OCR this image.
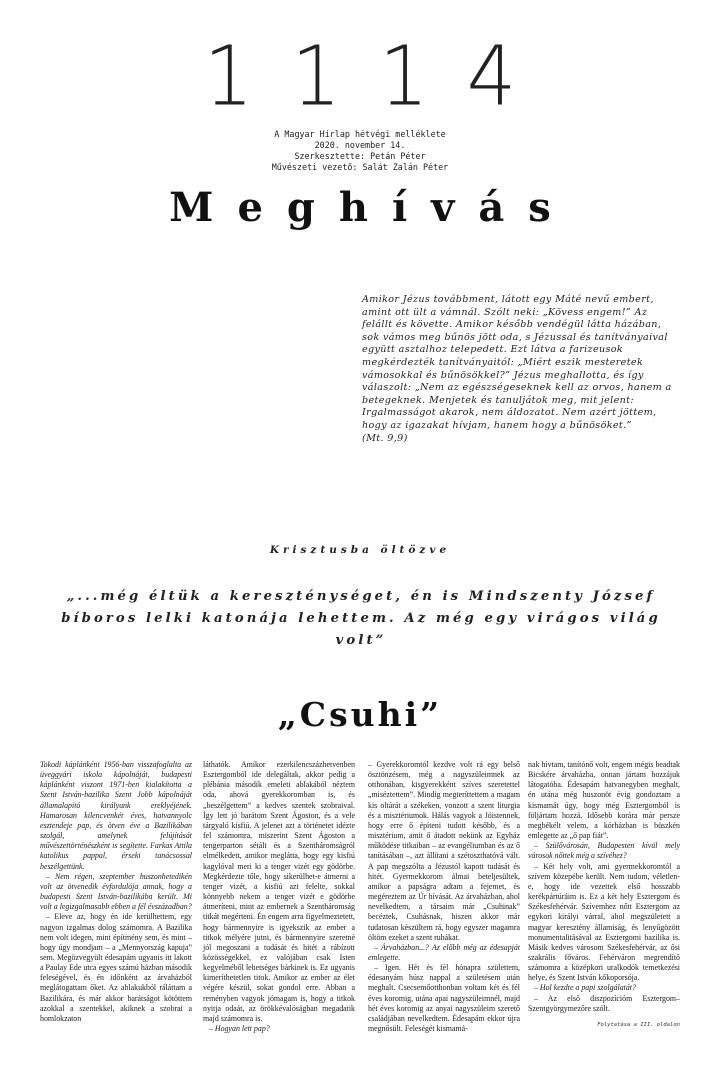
1114
A Magyar Hírlap hétvégi melléklete
2020. november 14.
Szerkesztette: Petán Péter
Művészeti vezető: Salát Zalán Péter
Meghívás

Amikor Jézus továbbment, látott egy Máté nevű embert, amint ott ült a vámnál. Szólt neki: „Kövess engem!” Az felállt és követte. Amikor később vendégül látta házában, sok vámos meg bűnös jött oda, s Jézussal és tanítványaival együtt asztalhoz telepedett. Ezt látva a farizeusok megkérdezték tanítványaitól: „Miért eszik mesteretek vámosokkal és bűnösökkel?” Jézus meghallotta, és így válaszolt: „Nem az egészségeseknek kell az orvos, hanem a betegeknek. Menjetek és tanuljátok meg, mit jelent: Irgalmasságot akarok, nem áldozatot. Nem azért jöttem, hogy az igazakat hívjam, hanem hogy a bűnösöket.”

(Mt. 9,9)

Krisztusba öltözve
„...még éltük a kereszténységet, én is Mindszenty József bíboros lelki katonája lehettem. Az még egy virágos világ volt”
„Csuhi”

Tokodi káplánként 1956-ban visszafoglalta az üveggyári iskola kápolnáját, budapesti káplánként viszont 1971-ben kialakította a Szent István-bazilika Szent Jobb kápolnáját államalapító királyunk ereklyéjének. Hamarosan kilencvenkét éves, hatvannyolc esztendeje pap, és ötven éve a Bazilikában szolgál, amelynek felújítását művészettörténészként is segítette. Farkas Attila katolikus pappal, érseki tanácsossal beszélgettünk.

– Nem régen, szeptember huszonhetedikén volt az ötvenedik évfordulója annak, hogy a budapesti Szent István-bazilikába került. Mi volt a legizgalmasabb ebben a fél évszázadban?

– Eleve az, hogy én ide kerülhettem, egy nagyon izgalmas dolog számomra. A Bazilika nem volt idegen, mint építmény sem, és mint – hogy úgy mondjam – a „Mennyország kapuja” sem. Megözvegyült édesapám ugyanis itt lakott a Paulay Ede utca egyes számú házban második feleségével, és én időnként az árvaházból meglátogattam őket. Az ablakukból ráláttam a Bazilikára, és már akkor barátságot kötöttem azokkal a szentekkel, akiknek a szobrai a homlokzaton

láthatók. Amikor ezerkilencszázhetvenben Esztergomból ide delegáltak, akkor pedig a plébánia második emeleti ablakából néztem oda, ahová gyerekkoromban is, és „beszélgettem” a kedves szentek szobraival. Így lett jó barátom Szent Ágoston, és a vele tárgyaló kisfiú. A jelenet azt a történetet idézte fel számomra, miszerint Szent Ágoston a tengerparton sétált és a Szentháromságról elmélkedett, amikor meglátta, hogy egy kisfiú kagylóval meri ki a tenger vizét egy gödörbe. Megkérdezte tőle, hogy sikerülhet-e átmerni a tenger vizét, a kisfiú azt felelte, sokkal könnyebb nekem a tenger vizét e gödörbe átmeríteni, mint az embernek a Szentháromság titkát megérteni. Én engem arra figyelmeztetett, hogy bármennyire is igyekszik az ember a titkok mélyére jutni, és bármennyire szeretné jól megoszani a tudását és hitét a rábízott közösségekkel, ez valójában csak Isten kegyelméből lehetséges bárkinek is. Ez ugyanis kimeríthetetlen titok. Amikor az ember az élet végére készül, sokat gondol erre. Abban a reményben vagyok jómagam is, hogy a titkok nyitja odaát, az örökkévalóságban megadatik majd számomra is.

– Hogyan lett pap?

– Gyerekkoromtól kezdve volt rá egy belső ösztönzésem, még a nagyszüleimnek az otthonában, kisgyerekként szíves szeretettel „miséztettem”. Mindig megteríttettem a magam kis oltárát a székeken, vonzott a szent liturgia és a misztériumok. Hálás vagyok a Jóistennek, hogy erre ő építeni tudott később, és a misztérium, amit ő átadott nekünk az Egyház működése titkaiban – az evangéliumban és az ő tanításában –, azt állítani a szétoszthatóvá vált. A pap megszólta a Jézustól kapott tudását és hitét. Gyermekkorom álmai beteljesültek, amikor a papságra adtam a fejemet, és megéreztem az Úr hívását. Az árvaházban, ahol nevelkedtem, a társaim már „Csuhinak” becéztek, Csuhásnak, hiszen akkor már tudatosan készültem rá, hogy egyszer magamra öltöm ezeket a szent ruhákat.

– Árvaházban...? Az előbb még az édesapját emlegette.

– Igen. Hét és fél hónapra születtem, édesanyám húsz nappal a születésem után meghalt. Csecsemőotthonban voltam két és fél éves koromig, utána apai nagyszüleimnél, majd hét éves koromig az anyai nagyszüleim szerető családjában nevelkedtem. Édesapám ekkor újra megnősült. Feleségét kismamá-

nak hívtam, tanítónő volt, engem mégis beadtak Bicskére árvaházba, onnan jártam hozzájuk látogatóba. Édesapám hatvanegyben meghalt, én utána még huszonöt évig gondoztam a kismamát úgy, hogy még Esztergomból is följártam hozzá. Idősebb korára már persze megbékélt velem, a kórházban is büszkén emlegette az „ő pap fiát”.

– Szülővárosán, Budapesten kívül mely városok nőttek még a szívéhez?

– Két hely volt, ami gyermekkoromtól a szívem közepébe került. Nem tudom, véletlen-e, hogy ide vezettek első hosszabb kerékpártúráim is. Ez a két hely Esztergom és Székesfehérvár. Szívemhez nőtt Esztergom az egykori királyi várral, ahol megszületett a magyar keresztény államiság, és lenyűgözött monumentalitásával az Esztergomi bazilika is. Másik kedves városom Székesfehérvár, az ősi szakrális főváros. Fehérváron megrendítő számomra a középkori uralkodók temetkezési helye, és Szent István kőkoporsója.

– Hol kezdte a papi szolgálatát?

– Az első diszpozícióm Esztergom–Szentgyörgymezőre szólt.

Folytatása a III. oldalon
